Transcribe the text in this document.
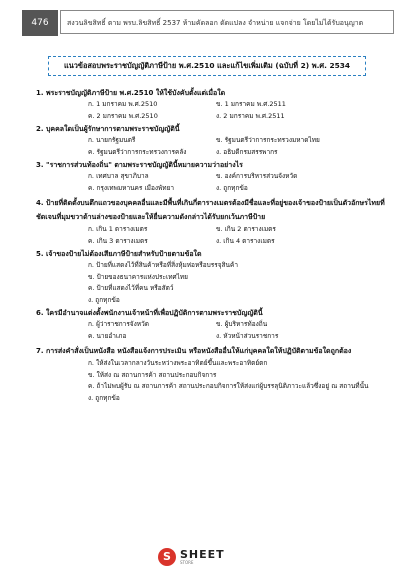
476	สงวนลิขสิทธิ์ ตาม พรบ.ลิขสิทธิ์ 2537 ห้ามคัดลอก ดัดแปลง จำหน่าย แจกจ่าย โดยไม่ได้รับอนุญาต
แนวข้อสอบพระราชบัญญัติภาษีป้าย พ.ศ.2510 และแก้ไขเพิ่มเติม (ฉบับที่ 2) พ.ศ. 2534
1. พระราชบัญญัติภาษีป้าย พ.ศ.2510 ให้ใช้บังคับตั้งแต่เมื่อใด
ก. 1 มกราคม พ.ศ.2510	ข. 1 มกราคม พ.ศ.2511
ค. 2 มกราคม พ.ศ.2510	ง. 2 มกราคม พ.ศ.2511
2. บุคคลใดเป็นผู้รักษาการตามพระราชบัญญัตินี้
ก. นายกรัฐมนตรี	ข. รัฐมนตรีว่าการกระทรวงมหาดไทย
ค. รัฐมนตรีว่าการกระทรวงการคลัง	ง. อธิบดีกรมสรรพากร
3. "ราชการส่วนท้องถิ่น" ตามพระราชบัญญัตินี้หมายความว่าอย่างไร
ก. เทศบาล สุขาภิบาล	ข. องค์การบริหารส่วนจังหวัด
ค. กรุงเทพมหานคร เมืองพัทยา	ง. ถูกทุกข้อ
4. ป้ายที่ติดตั้งบนตึกแถวของบุคคลอื่นและมีพื้นที่เกินกี่ตารางเมตรต้องมีชื่อและที่อยู่ของเจ้าของป้ายเป็นตัวอักษรไทยที่ชัดเจนที่มุมขวาด้านล่างของป้ายและให้ยื่นความดังกล่าวได้รับยกเว้นภาษีป้าย
ก. เกิน 1 ตารางเมตร	ข. เกิน 2 ตารางเมตร
ค. เกิน 3 ตารางเมตร	ง. เกิน 4 ตารางเมตร
5. เจ้าของป้ายไม่ต้องเสียภาษีป้ายสำหรับป้ายตามข้อใด
ก. ป้ายที่แสดงไว้ที่สินค้าหรือที่สิ่งหุ้มห่อหรือบรรจุสินค้า
ข. ป้ายของธนาคารแห่งประเทศไทย
ค. ป้ายที่แสดงไว้ที่คน หรือสัตว์
ง. ถูกทุกข้อ
6. ใครมีอำนาจแต่งตั้งพนักงานเจ้าหน้าที่เพื่อปฏิบัติการตามพระราชบัญญัตินี้
ก. ผู้ว่าราชการจังหวัด	ข. ผู้บริหารท้องถิ่น
ค. นายอำเภอ	ง. หัวหน้าส่วนราชการ
7. การส่งคำสั่งเป็นหนังสือ หนังสือแจ้งการประเมิน หรือหนังสืออื่นให้แก่บุคคลใดให้ปฏิบัติตามข้อใดถูกต้อง
ก. ให้ส่งในเวลากลางวันระหว่างพระอาทิตย์ขึ้นและพระอาทิตย์ตก
ข. ให้ส่ง ณ สถานการค้า สถานประกอบกิจการ
ค. ถ้าไม่พบผู้รับ ณ สถานการค้า สถานประกอบกิจการให้ส่งแก่ผู้บรรลุนิติภาวะแล้วซึ่งอยู่ ณ สถานที่นั้น
ง. ถูกทุกข้อ
S SHEET
STORE
